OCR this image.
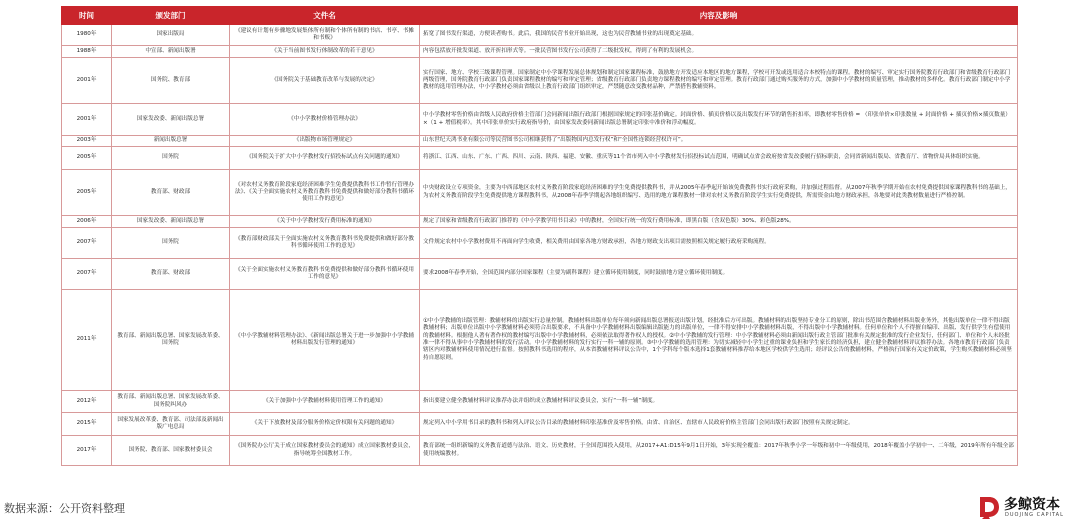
时间	颁发部门	文件名	内容及影响
1980年	国家出版局	《建议有计划有步骤地发展集体所有制和个体所有制的书店、书亭、书摊和书贩》	拓宽了图书发行渠道，方便读者购书。此后，我国的民营书业开始出现，这也为民营教辅书业的出现奠定基础。
1988年	中宣部、新闻出版署	《关于当前图书发行体制改革的若干意见》	内容包括放开批发渠道、放开折扣形式等。一批民营图书发行公司获得了二级批发权，得到了有利的发展机会。
2001年	国务院、教育部	《国务院关于基础教育改革与发展的决定》	实行国家、地方、学校三级课程管理。国家制定中小学课程发展总体规划和制定国家课程标准，鼓励地方开发适应本地区的地方课程，学校可开发或选用适合本校特点的课程。教材的编写、审定实行国务院教育行政部门和省级教育行政部门两级管理，国务院教育行政部门负责国家课程教材的编写和审定管理；省级教育行政部门负责地方课程教材的编写和审定管理。教育行政部门通过购买服务的方式，加强中小学教材的质量管理，推动教材的多样化。教育行政部门制定中小学教材的选用管理办法，中小学教材必须由省级以上教育行政部门组织审定，严禁随意改变教材品种，严禁搭售教辅资料。
2001年	国家发改委、新闻出版总署	《中小学教材价格管理办法》	中小学教材零售价格由省级人民政府价格主管部门会同新闻出版行政部门根据国家规定的印张基价确定。封面价格、插页价格以及出版发行环节的销售折扣率，即教材零售价格 = （印张单价×印张数量 + 封面价格 + 插页价格×插页数量）×（1 + 增值税率）。其中印张单价实行政府指导价，由国家发改委同新闻出版总署制定印张中准价和浮动幅度。
2003年	新闻出版总署	《出版物市场管理规定》	山东世纪天鸿书业有限公司等民营图书公司相继获得了“出版物国内总发行权”和“全国性连锁经营权许可”。
2005年	国务院	《国务院关于扩大中小学教材发行招投标试点有关问题的通知》	将浙江、江西、山东、广东、广西、四川、云南、陕西、福建、安徽、重庆等11个省市列入中小学教材发行招投标试点范围，明确试点省会政府按省发改委履行招标职责，会同省新闻出版局、省教育厅、省物价局具体组织实施。
2005年	教育部、财政部	《对农村义务教育阶段家庭经济困难学生免费提供教科书工作暂行管理办法》、《关于全面实施农村义务教育教科书免费提供和做好部分教科书循环使用工作的意见》	中央财政设立专项资金，主要为中西部地区农村义务教育阶段家庭经济困难的学生免费提供教科书，并从2005年春季起开始该免费教科书实行政府采购，并加强过程监督。从2007年秋季学期开始在农村免费提供国家课程教科书的基础上，为农村义务教育阶段学生免费提供地方课程教科书，从2008年春季学期起各地组织编写、选用的地方课程教材一律对农村义务教育阶段学生实行免费提供，所需资金由地方财政承担，各地要对此类教材数量进行严格控制。
2006年	国家发改委、新闻出版总署	《关于中小学教材发行费用标准的通知》	规定了国家和省级教育行政部门推荐的《中小学教学用书目录》中的教材，全国实行统一的发行费用标准，即黑白版（含双色版）30%、彩色版28%。
2007年	国务院	《教育部财政部关于全面实施农村义务教育教科书免费提供和做好部分教科书循环使用工作的意见》	文件规定农村中小学教材费用不再面向学生收费，相关费用由国家各地方财政承担，各地方财政支出项目需按照相关规定履行政府采购流程。
2007年	教育部、财政部	《关于全面实施农村义务教育教科书免费提供和做好部分教科书循环使用工作的意见》	要求2008年春季开始，全国范围内部分国家课程（主要为副科课程）建立循环使用制度，同时鼓励地方建立循环使用制度。
2011年	教育部、新闻出版总署、国家发展改革委、国务院	《中小学教辅材料管理办法》、《新闻出版总署关于进一步加强中小学教辅材料出版发行管理的通知》	①中小学教辅的出版管理：教辅材料的出版实行总量控制。教辅材料出版单位每年须向新闻出版总署报送出版计划，经批准后方可出版。教辅材料的出版坚持专业分工的原则，除出书范围含教辅材料出版业务外，其他出版单位一律不得出版教辅材料；出版单位出版中小学教辅材料必须符合出版要求，不具备中小学教辅材料出版编辑出版能力的出版单位，一律不得安排中小学教辅材料出版，不得出版中小学教辅材料。任何单位和个人不得擅自编印、出版、发行供学生有偿使用的教辅材料。根据他人著有著作权的教材编写出版中小学教辅材料，必须依法取得著作权人的授权。②中小学教辅的发行管理：中小学教辅材料必须由新闻出版行政主管部门批准有关规定批准的发行企业发行，任何部门、单位和个人未经批准一律不得从事中小学教辅材料的发行活动。中小学教辅材料的发行实行一科一辅的原则。③中小学教辅的选用管理：为切实减轻中小学生过重的课业负担和学生家长的经济负担，建立健全教辅材料评议推荐办法。各地市教育行政部门负责辖区内对教辅材料使用情况进行监督。按照教科书选用的程序，从本省教辅材料评议公告中，1个学科每个版本选择1套教辅材料推荐给本地区学校供学生选用；经评议公告的教辅材料，严格执行国家有关定价政策，学生购买教辅材料必须坚持自愿原则。
2012年	教育部、新闻出版总署、国家发展改革委、国务院纠风办	《关于加强中小学教辅材料使用管理工作的通知》	指出要建立健全教辅材料评议推荐办法并组织成立教辅材料评议委员会，实行“一科一辅”制度。
2015年	国家发展改革委、教育部、司法部及新闻出版广电总局	《关于下放教材及部分服务价格定价权限有关问题的通知》	规定列入中小学用书目录的教科书和列入评议公告目录的教辅材料印张基准价及零售价格，由省、自治区、直辖市人民政府价格主管部门会同出版行政部门按照有关规定制定。
2017年	国务院、教育部、国家教材委员会	《国务院办公厅关于成立国家教材委员会的通知》成立国家教材委员会，指导统筹全国教材工作。	教育部统一组织新编的义务教育道德与法治、语文、历史教材，于全国范围投入使用，从2017+A1:D15年9月1日开始，3年实现全覆盖：2017年秋季小学一年级和初中一年级使用，2018年覆盖小学初中一、二年级，2019年所有年级全部使用统编教材。
数据来源：公开资料整理	多鲸资本
DUOJING CAPITAL
